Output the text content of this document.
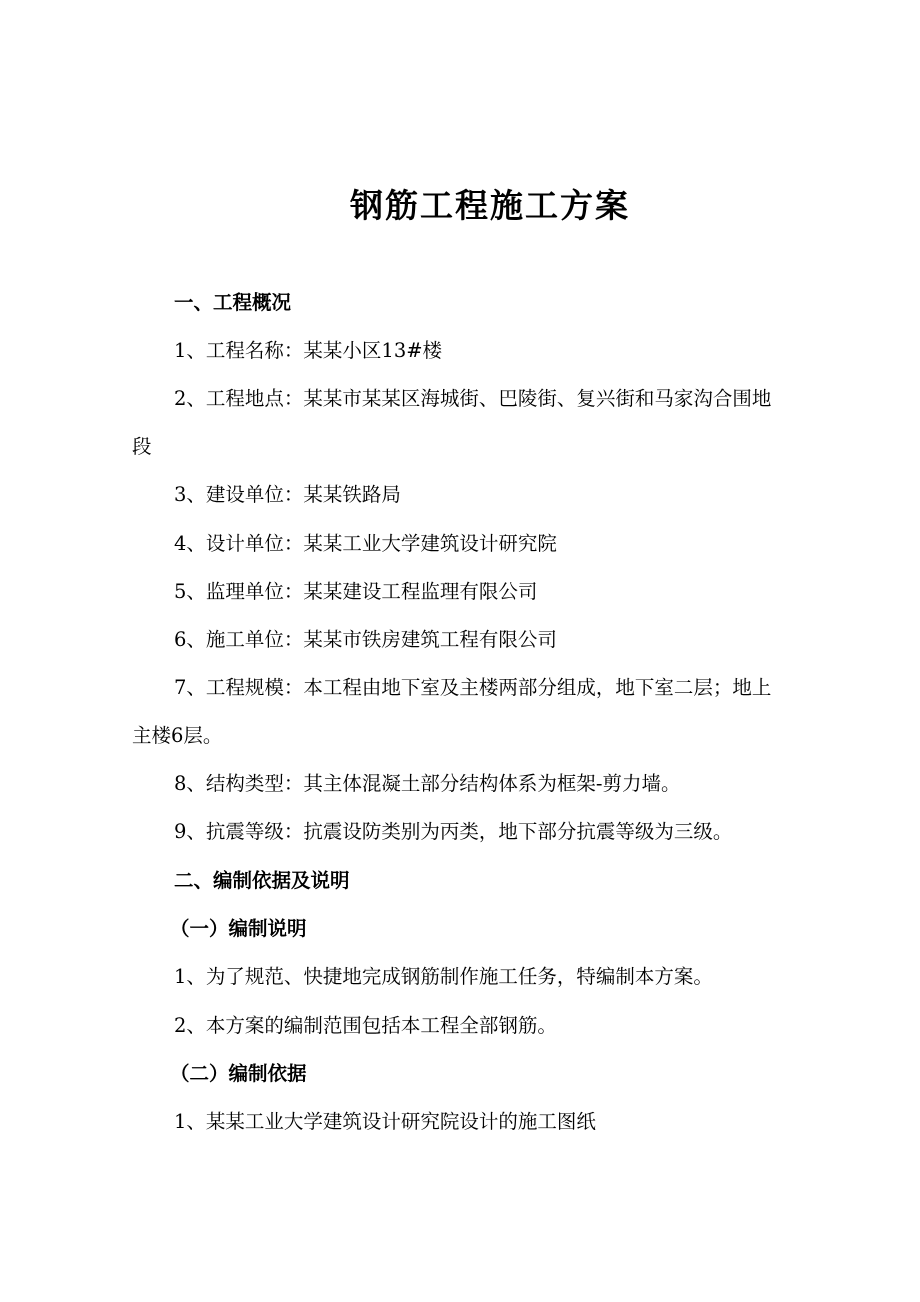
钢筋工程施工方案
一、工程概况
1、工程名称：某某小区13#楼
2、工程地点：某某市某某区海城街、巴陵街、复兴街和马家沟合围地
段
3、建设单位：某某铁路局
4、设计单位：某某工业大学建筑设计研究院
5、监理单位：某某建设工程监理有限公司
6、施工单位：某某市铁房建筑工程有限公司
7、工程规模：本工程由地下室及主楼两部分组成，地下室二层；地上
主楼6层。
8、结构类型：其主体混凝土部分结构体系为框架-剪力墙。
9、抗震等级：抗震设防类别为丙类，地下部分抗震等级为三级。
二、编制依据及说明
（一）编制说明
1、为了规范、快捷地完成钢筋制作施工任务，特编制本方案。
2、本方案的编制范围包括本工程全部钢筋。
（二）编制依据
1、某某工业大学建筑设计研究院设计的施工图纸
